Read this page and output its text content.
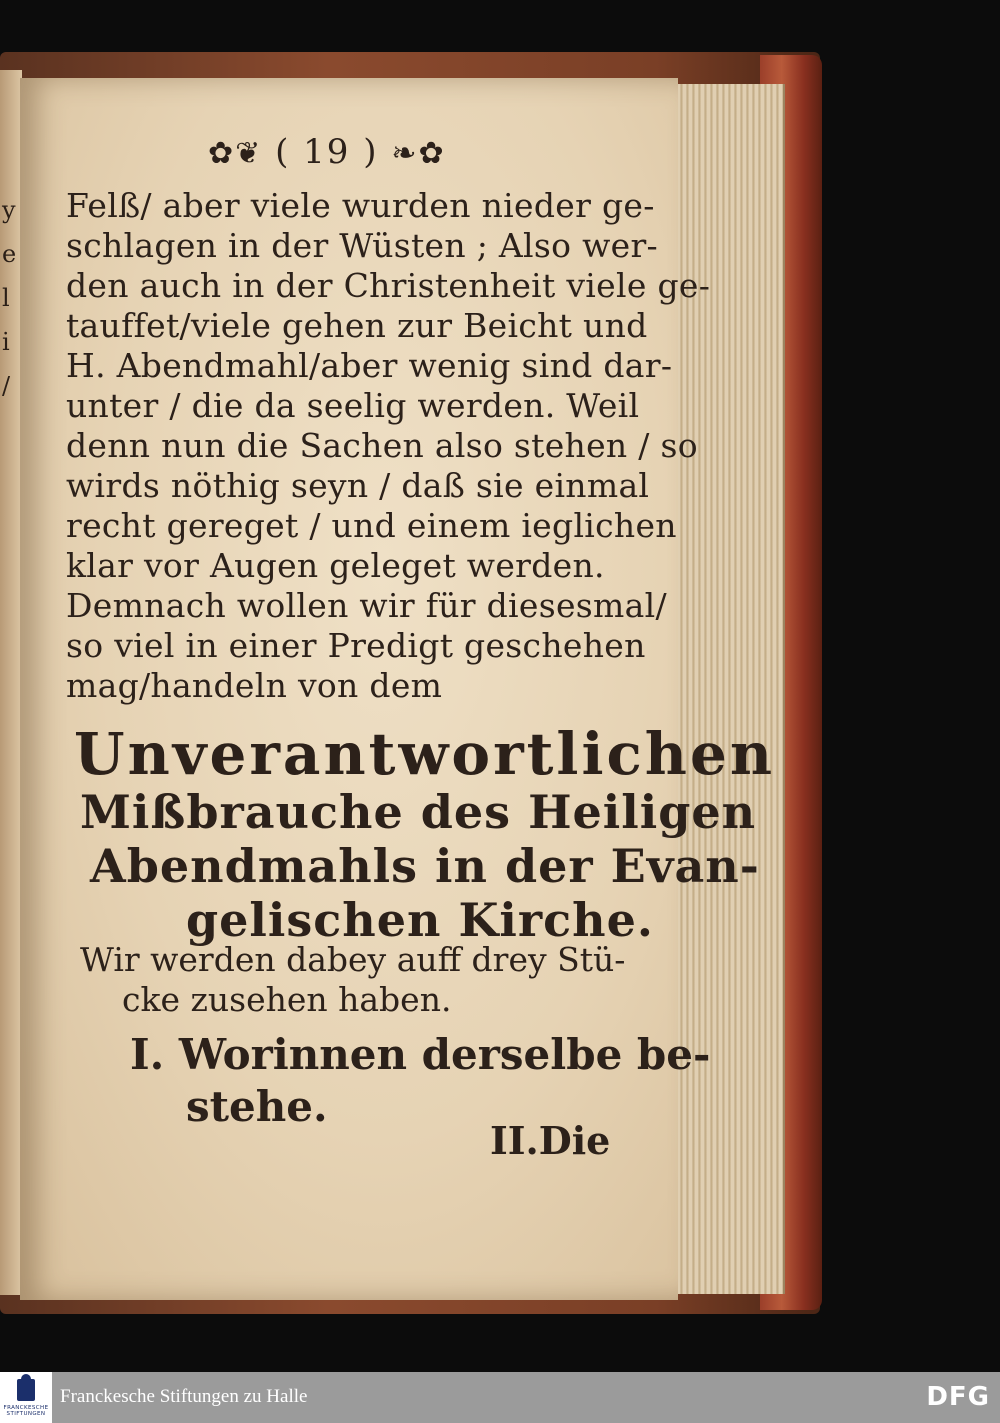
y
e
l
i
/
✿❦ ( 19 ) ❧✿
Felß/ aber viele wurden nieder ge-
schlagen in der Wüsten ; Also wer-
den auch in der Christenheit viele ge-
tauffet/viele gehen zur Beicht und
H. Abendmahl/aber wenig sind dar-
unter / die da seelig werden. Weil
denn nun die Sachen also stehen / so
wirds nöthig seyn / daß sie einmal
recht gereget / und einem ieglichen
klar vor Augen geleget werden.
Demnach wollen wir für diesesmal/
so viel in einer Predigt geschehen
mag/handeln von dem
Unverantwortlichen
Mißbrauche des Heiligen
Abendmahls in der Evan-
gelischen Kirche.
Wir werden dabey auff drey Stü-
cke zusehen haben.
I. Worinnen derselbe be-
stehe.
II.Die
FRANCKESCHE STIFTUNGEN
Franckesche Stiftungen zu Halle	DFG
